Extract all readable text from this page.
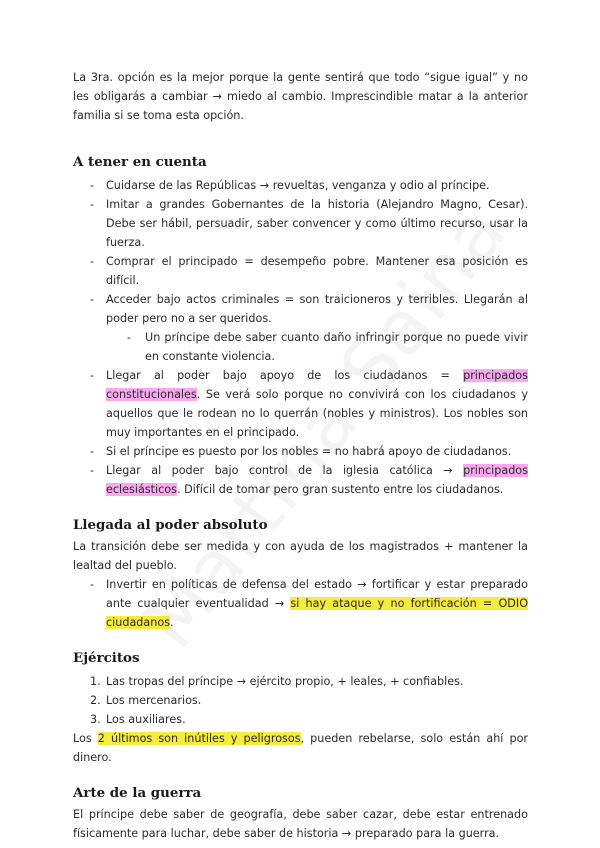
La 3ra. opción es la mejor porque la gente sentirá que todo “sigue igual” y no les obligarás a cambiar → miedo al cambio. Imprescindible matar a la anterior familia si se toma esta opción.

A tener en cuenta
- Cuidarse de las Repúblicas → revueltas, venganza y odio al príncipe.
- Imitar a grandes Gobernantes de la historia (Alejandro Magno, Cesar). Debe ser hábil, persuadir, saber convencer y como último recurso, usar la fuerza.
- Comprar el principado = desempeño pobre. Mantener esa posición es difícil.
- Acceder bajo actos criminales = son traicioneros y terribles. Llegarán al poder pero no a ser queridos.
- Un príncipe debe saber cuanto daño infringir porque no puede vivir en constante violencia.
- Llegar al poder bajo apoyo de los ciudadanos = principados constitucionales. Se verá solo porque no convivirá con los ciudadanos y aquellos que le rodean no lo querrán (nobles y ministros). Los nobles son muy importantes en el principado.
- Si el príncipe es puesto por los nobles = no habrá apoyo de ciudadanos.
- Llegar al poder bajo control de la iglesia católica → principados eclesiásticos. Difícil de tomar pero gran sustento entre los ciudadanos.
Llegada al poder absoluto

La transición debe ser medida y con ayuda de los magistrados + mantener la lealtad del pueblo.

- Invertir en políticas de defensa del estado → fortificar y estar preparado ante cualquier eventualidad → si hay ataque y no fortificación = ODIO ciudadanos.
Ejércitos
1. Las tropas del príncipe → ejército propio, + leales, + confiables.
2. Los mercenarios.
3. Los auxiliares.

Los 2 últimos son inútiles y peligrosos, pueden rebelarse, solo están ahí por dinero.

Arte de la guerra

El príncipe debe saber de geografía, debe saber cazar, debe estar entrenado físicamente para luchar, debe saber de historia → preparado para la guerra.
